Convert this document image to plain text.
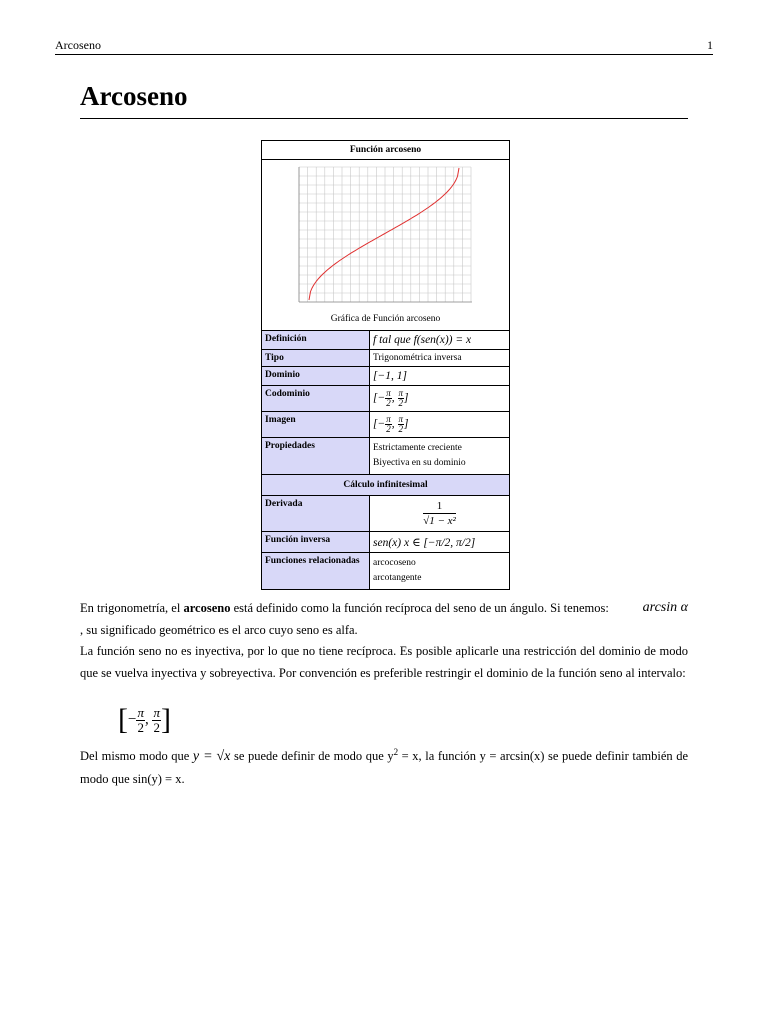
Arcoseno	1
Arcoseno
Función arcoseno
Gráfica de Función arcoseno
Definición	f tal que f(sen(x)) = x
Tipo	Trigonométrica inversa
Dominio	[−1, 1]
Codominio	[− $\frac{\pi}{2}$ , $\frac{\pi}{2}$ ]
Imagen	[− $\frac{\pi}{2}$ , $\frac{\pi}{2}$ ]
Propiedades	Estrictamente creciente
Biyectiva en su dominio
Cálculo infinitesimal
Derivada	$\frac{1}{\text{√1 − x²}}$
Función inversa	sen(x) x ∈ [−π/2, π/2]
Funciones relacionadas	arcocoseno
arcotangente
En trigonometría, el arcoseno está definido como la función recíproca del seno de un ángulo. Si tenemos: arcsin α

, su significado geométrico es el arco cuyo seno es alfa.
La función seno no es inyectiva, por lo que no tiene recíproca. Es posible aplicarle una restricción del dominio de modo que se vuelva inyectiva y sobreyectiva. Por convención es preferible restringir el dominio de la función seno al intervalo:
[− $\frac{\pi}{2}$ , $\frac{\pi}{2}$ ]
Del mismo modo que y = √x se puede definir de modo que $y^2 = x$, la función y = arcsin(x) se puede definir también de modo que sin(y) = x.
